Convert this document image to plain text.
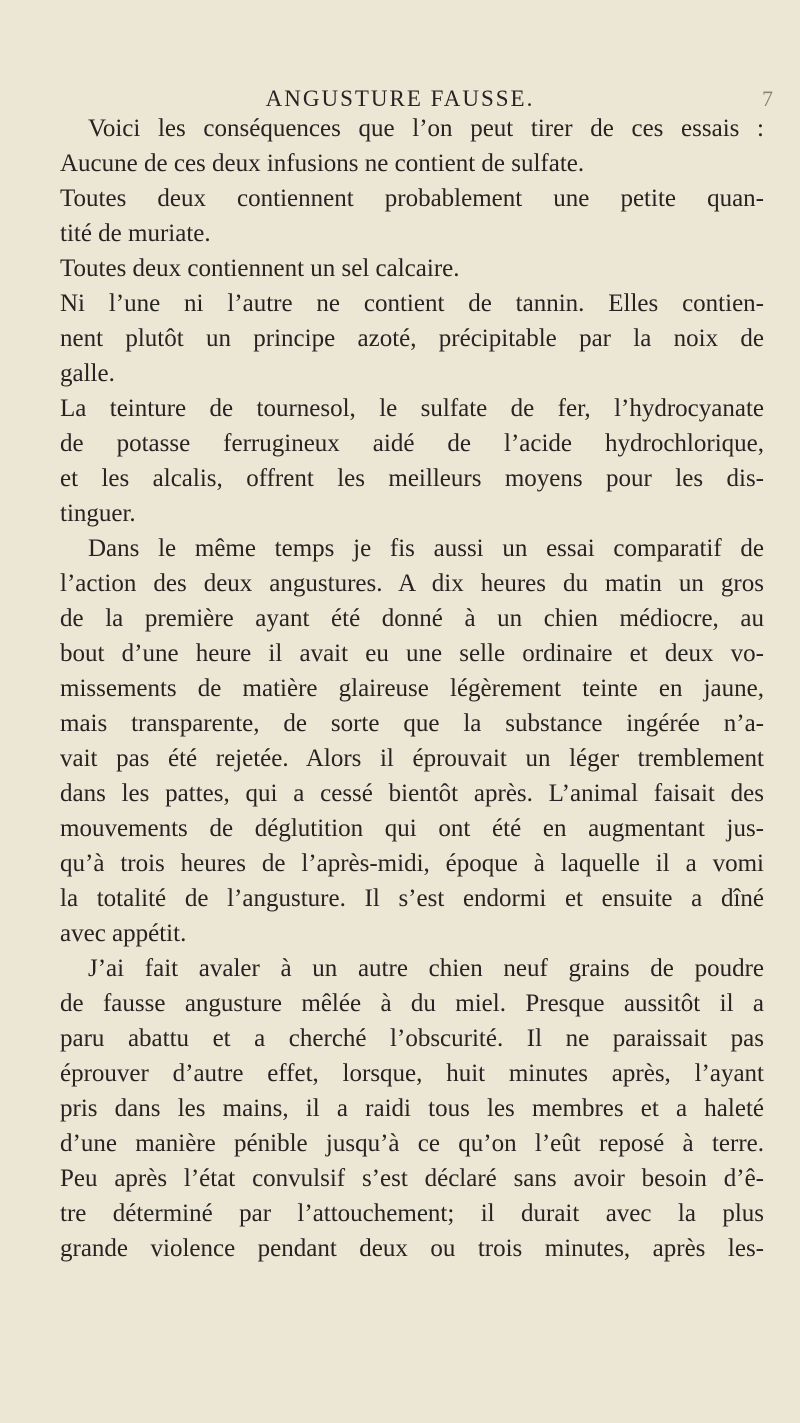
ANGUSTURE FAUSSE.	7
Voici les conséquences que l’on peut tirer de ces essais :
Aucune de ces deux infusions ne contient de sulfate.
Toutes deux contiennent probablement une petite quan-
tité de muriate.
Toutes deux contiennent un sel calcaire.
Ni l’une ni l’autre ne contient de tannin. Elles contien-
nent plutôt un principe azoté, précipitable par la noix de
galle.
La teinture de tournesol, le sulfate de fer, l’hydrocyanate
de potasse ferrugineux aidé de l’acide hydrochlorique,
et les alcalis, offrent les meilleurs moyens pour les dis-
tinguer.
Dans le même temps je fis aussi un essai comparatif de
l’action des deux angustures. A dix heures du matin un gros
de la première ayant été donné à un chien médiocre, au
bout d’une heure il avait eu une selle ordinaire et deux vo-
missements de matière glaireuse légèrement teinte en jaune,
mais transparente, de sorte que la substance ingérée n’a-
vait pas été rejetée. Alors il éprouvait un léger tremblement
dans les pattes, qui a cessé bientôt après. L’animal faisait des
mouvements de déglutition qui ont été en augmentant jus-
qu’à trois heures de l’après-midi, époque à laquelle il a vomi
la totalité de l’angusture. Il s’est endormi et ensuite a dîné
avec appétit.
J’ai fait avaler à un autre chien neuf grains de poudre
de fausse angusture mêlée à du miel. Presque aussitôt il a
paru abattu et a cherché l’obscurité. Il ne paraissait pas
éprouver d’autre effet, lorsque, huit minutes après, l’ayant
pris dans les mains, il a raidi tous les membres et a haleté
d’une manière pénible jusqu’à ce qu’on l’eût reposé à terre.
Peu après l’état convulsif s’est déclaré sans avoir besoin d’ê-
tre déterminé par l’attouchement; il durait avec la plus
grande violence pendant deux ou trois minutes, après les-
